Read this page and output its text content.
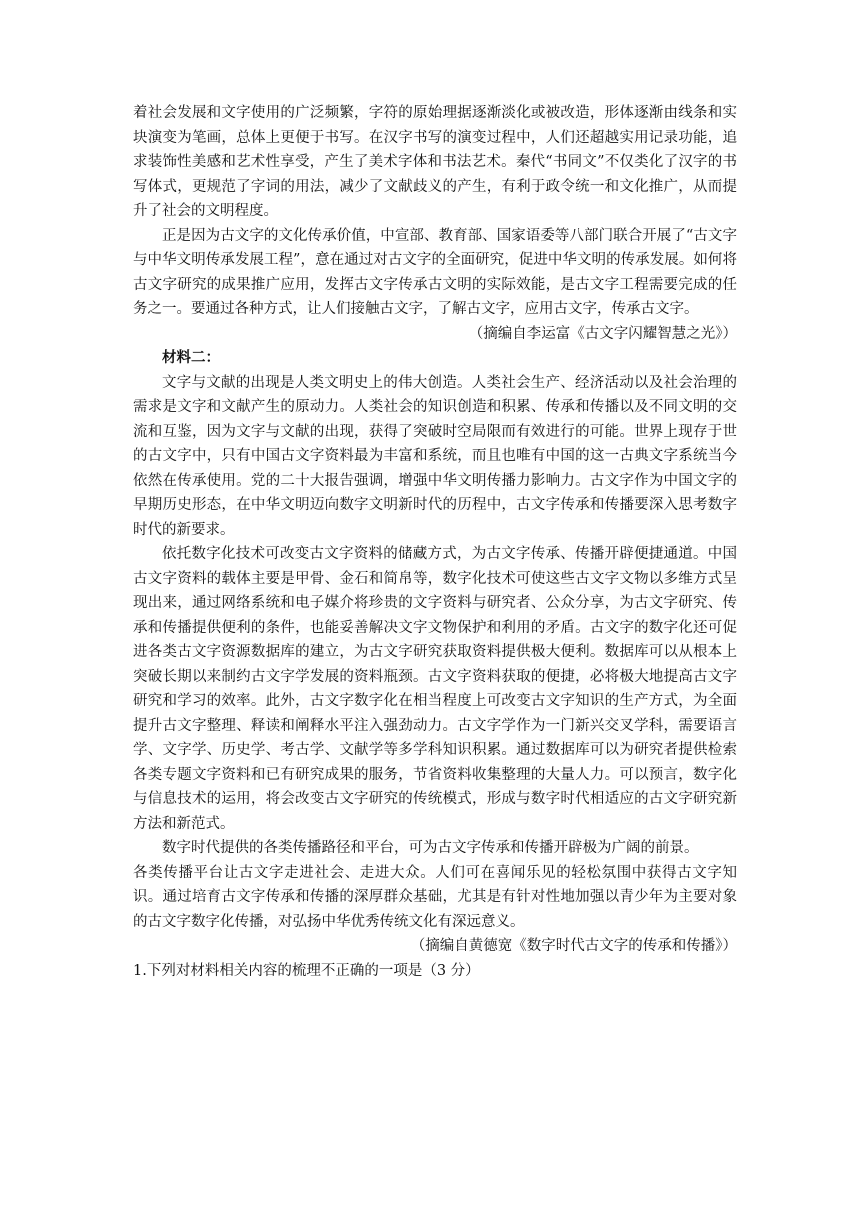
着社会发展和文字使用的广泛频繁，字符的原始理据逐渐淡化或被改造，形体逐渐由线条和实块演变为笔画，总体上更便于书写。在汉字书写的演变过程中，人们还超越实用记录功能，追求装饰性美感和艺术性享受，产生了美术字体和书法艺术。秦代“书同文”不仅类化了汉字的书写体式，更规范了字词的用法，减少了文献歧义的产生，有利于政令统一和文化推广，从而提升了社会的文明程度。

正是因为古文字的文化传承价值，中宣部、教育部、国家语委等八部门联合开展了“古文字与中华文明传承发展工程”，意在通过对古文字的全面研究，促进中华文明的传承发展。如何将古文字研究的成果推广应用，发挥古文字传承古文明的实际效能，是古文字工程需要完成的任务之一。要通过各种方式，让人们接触古文字，了解古文字，应用古文字，传承古文字。

（摘编自李运富《古文字闪耀智慧之光》）

材料二：

文字与文献的出现是人类文明史上的伟大创造。人类社会生产、经济活动以及社会治理的需求是文字和文献产生的原动力。人类社会的知识创造和积累、传承和传播以及不同文明的交流和互鉴，因为文字与文献的出现，获得了突破时空局限而有效进行的可能。世界上现存于世的古文字中，只有中国古文字资料最为丰富和系统，而且也唯有中国的这一古典文字系统当今依然在传承使用。党的二十大报告强调，增强中华文明传播力影响力。古文字作为中国文字的早期历史形态，在中华文明迈向数字文明新时代的历程中，古文字传承和传播要深入思考数字时代的新要求。

依托数字化技术可改变古文字资料的储藏方式，为古文字传承、传播开辟便捷通道。中国古文字资料的载体主要是甲骨、金石和简帛等，数字化技术可使这些古文字文物以多维方式呈现出来，通过网络系统和电子媒介将珍贵的文字资料与研究者、公众分享，为古文字研究、传承和传播提供便利的条件，也能妥善解决文字文物保护和利用的矛盾。古文字的数字化还可促进各类古文字资源数据库的建立，为古文字研究获取资料提供极大便利。数据库可以从根本上突破长期以来制约古文字学发展的资料瓶颈。古文字资料获取的便捷，必将极大地提高古文字研究和学习的效率。此外，古文字数字化在相当程度上可改变古文字知识的生产方式，为全面提升古文字整理、释读和阐释水平注入强劲动力。古文字学作为一门新兴交叉学科，需要语言学、文字学、历史学、考古学、文献学等多学科知识积累。通过数据库可以为研究者提供检索各类专题文字资料和已有研究成果的服务，节省资料收集整理的大量人力。可以预言，数字化与信息技术的运用，将会改变古文字研究的传统模式，形成与数字时代相适应的古文字研究新方法和新范式。

数字时代提供的各类传播路径和平台，可为古文字传承和传播开辟极为广阔的前景。

各类传播平台让古文字走进社会、走进大众。人们可在喜闻乐见的轻松氛围中获得古文字知识。通过培育古文字传承和传播的深厚群众基础，尤其是有针对性地加强以青少年为主要对象的古文字数字化传播，对弘扬中华优秀传统文化有深远意义。

（摘编自黄德宽《数字时代古文字的传承和传播》）

1.下列对材料相关内容的梳理不正确的一项是（3 分）
